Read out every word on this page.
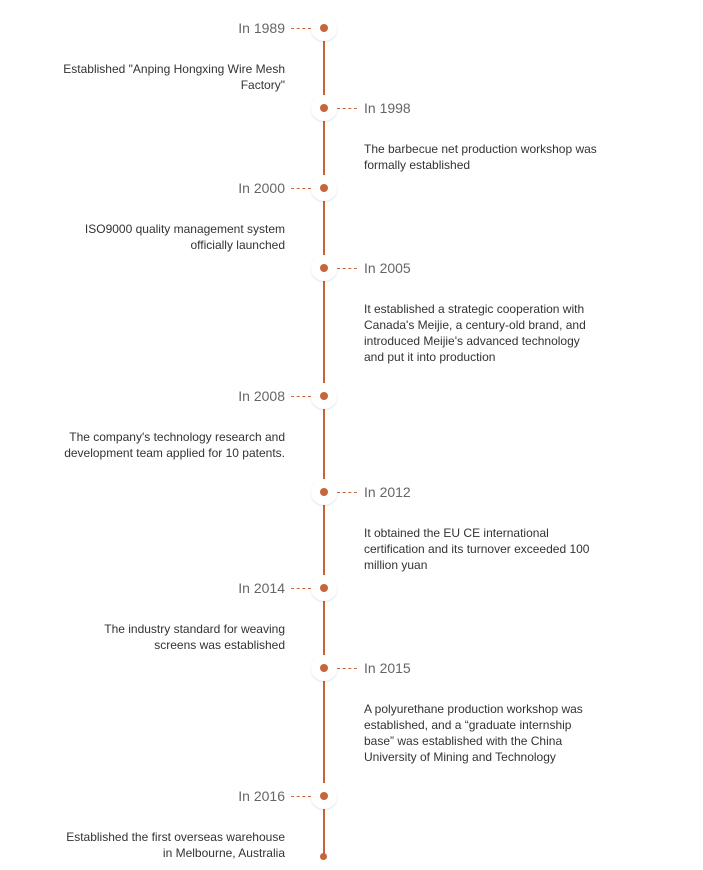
In 1989
Established "Anping Hongxing Wire Mesh Factory"
In 1998
The barbecue net production workshop was formally established
In 2000
ISO9000 quality management system officially launched
In 2005
It established a strategic cooperation with Canada's Meijie, a century-old brand, and introduced Meijie's advanced technology and put it into production
In 2008
The company's technology research and development team applied for 10 patents.
In 2012
It obtained the EU CE international certification and its turnover exceeded 100 million yuan
In 2014
The industry standard for weaving screens was established
In 2015
A polyurethane production workshop was established, and a “graduate internship base” was established with the China University of Mining and Technology
In 2016
Established the first overseas warehouse in Melbourne, Australia
